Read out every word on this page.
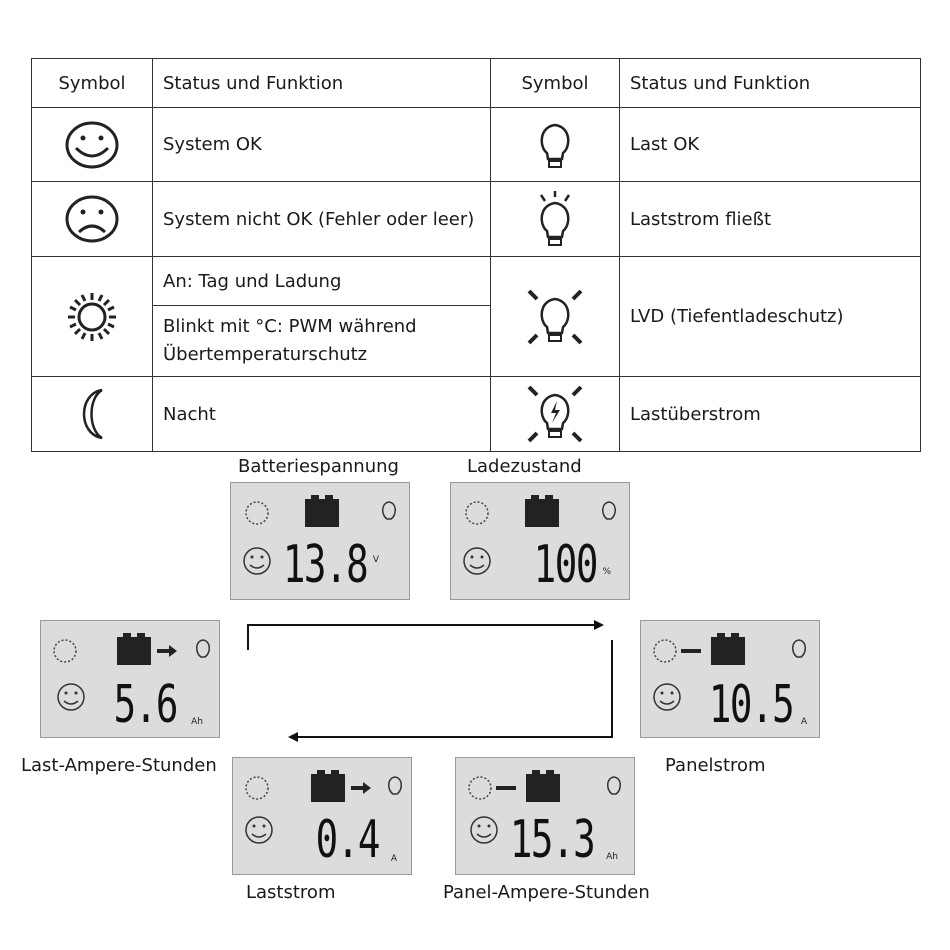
Symbol	Status und Funktion	Symbol	Status und Funktion

	System OK		Last OK

	System nicht OK (Fehler oder leer)		Laststrom fließt

	An: Tag und Ladung		LVD (Tiefentladeschutz)
	Blinkt mit °C: PWM während Übertemperaturschutz		

	Nacht		Lastüberstrom
Batteriespannung
13.8 V
Ladezustand
100 %
Panelstrom
10.5 A
Panel-Ampere-Stunden
15.3 Ah
Laststrom
0.4 A
Last-Ampere-Stunden
5.6 Ah
